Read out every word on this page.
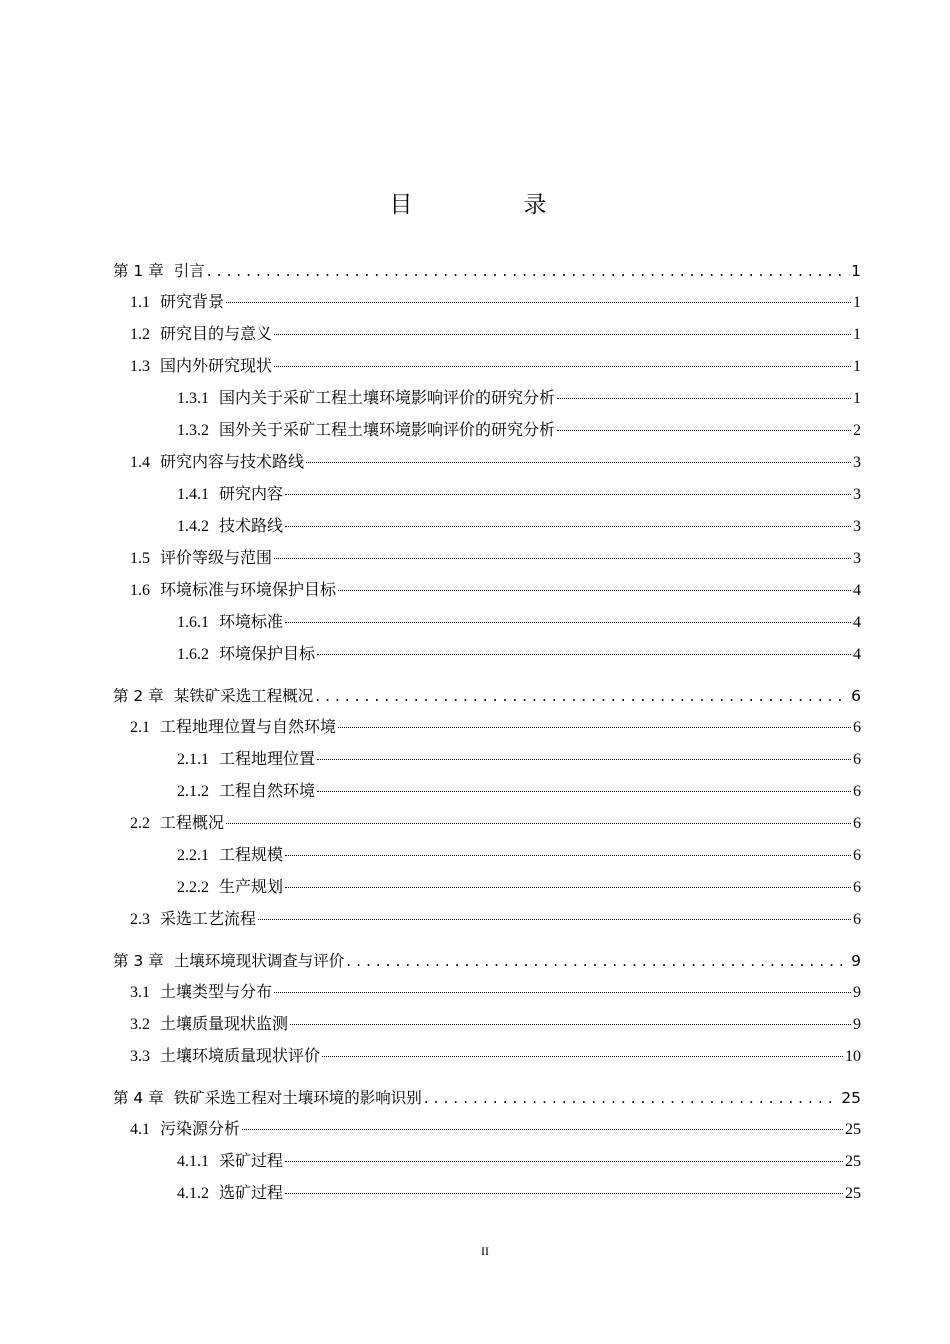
目　录
第 1 章 引言 . . .	1
1.1 研究背景	1
1.2 研究目的与意义	1
1.3 国内外研究现状	1
1.3.1 国内关于采矿工程土壤环境影响评价的研究分析	1
1.3.2 国外关于采矿工程土壤环境影响评价的研究分析	2
1.4 研究内容与技术路线	3
1.4.1 研究内容	3
1.4.2 技术路线	3
1.5 评价等级与范围	3
1.6 环境标准与环境保护目标	4
1.6.1 环境标准	4
1.6.2 环境保护目标	4
第 2 章 某铁矿采选工程概况 . . .	6
2.1 工程地理位置与自然环境	6
2.1.1 工程地理位置	6
2.1.2 工程自然环境	6
2.2 工程概况	6
2.2.1 工程规模	6
2.2.2 生产规划	6
2.3 采选工艺流程	6
第 3 章 土壤环境现状调查与评价 . . .	9
3.1 土壤类型与分布	9
3.2 土壤质量现状监测	9
3.3 土壤环境质量现状评价	10
第 4 章 铁矿采选工程对土壤环境的影响识别 . . .	25
4.1 污染源分析	25
4.1.1 采矿过程	25
4.1.2 选矿过程	25
II
